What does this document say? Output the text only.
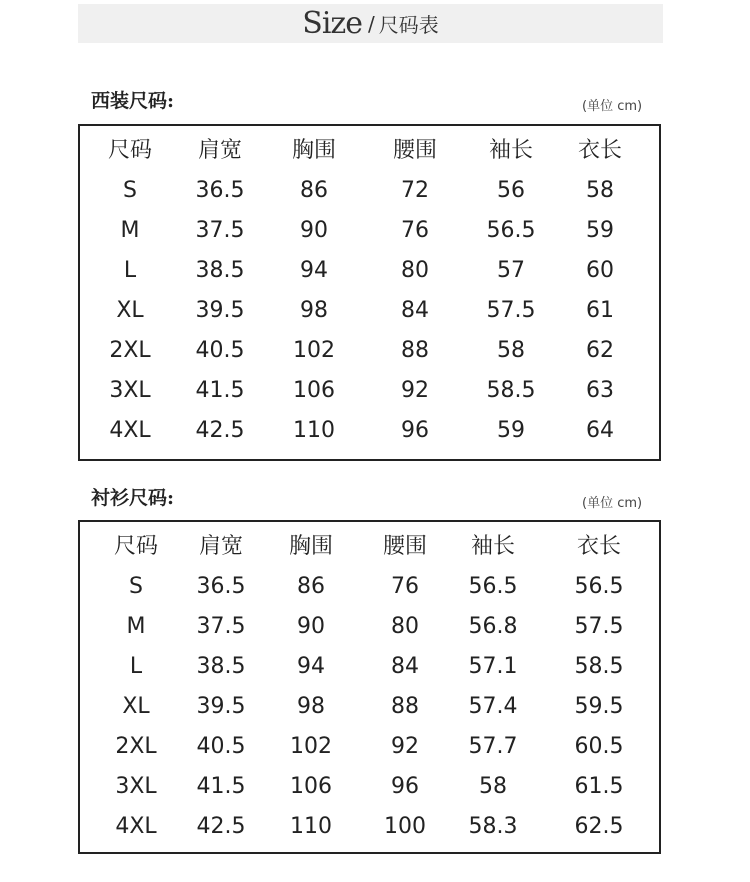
Size / 尺码表
西装尺码:	(单位 cm)
尺码 肩宽 胸围	腰围 袖长 衣长
S	36.5	86	72	56	58
M	37.5	90	76	56.5 59
L	38.5	94	80	57	60
XL 39.5	98	84	57.5 61
2XL 40.5 102	88	58	62
3XL 41.5 106	92	58.5 63
4XL 42.5 110	96	59	64
衬衫尺码:	(单位 cm)
尺码 肩宽 胸围 腰围 袖长	衣长
S 36.5 86	76 56.5	56.5
M 37.5 90	80 56.8	57.5
L 38.5 94	84 57.1	58.5
XL 39.5 98	88 57.4	59.5
2XL 40.5 102	92 57.7	60.5
3XL 41.5 106	96	58	61.5
4XL 42.5 110 100 58.3	62.5
